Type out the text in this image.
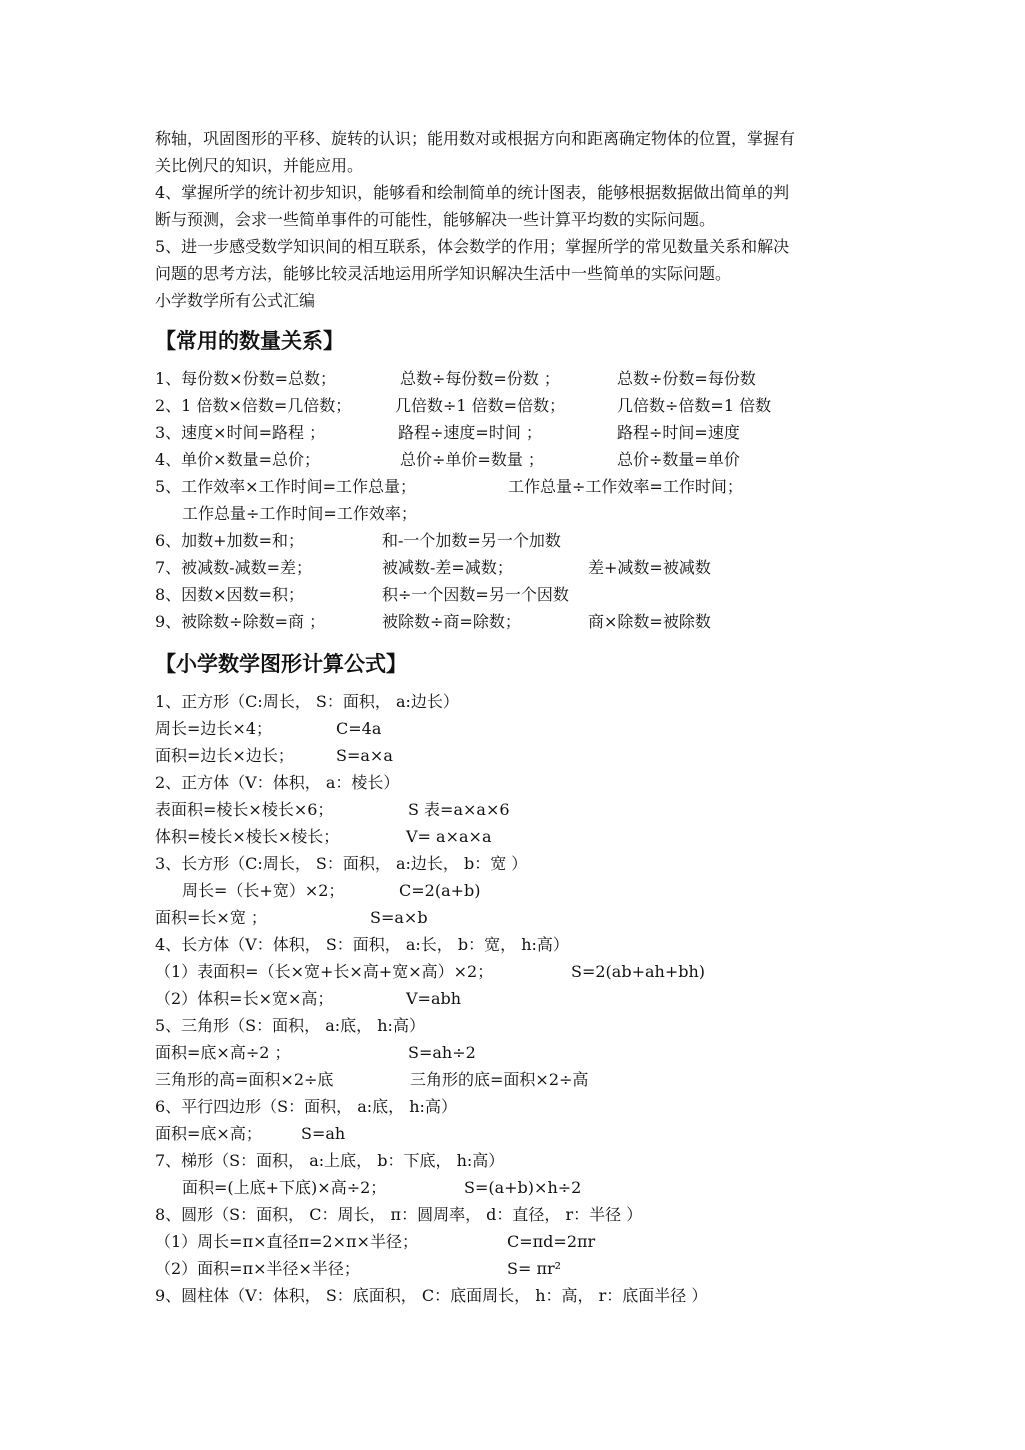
称轴，巩固图形的平移、旋转的认识；能用数对或根据方向和距离确定物体的位置，掌握有
关比例尺的知识，并能应用。
4、掌握所学的统计初步知识，能够看和绘制简单的统计图表，能够根据数据做出简单的判
断与预测，会求一些简单事件的可能性，能够解决一些计算平均数的实际问题。
5、进一步感受数学知识间的相互联系，体会数学的作用；掌握所学的常见数量关系和解决
问题的思考方法，能够比较灵活地运用所学知识解决生活中一些简单的实际问题。
小学数学所有公式汇编
【常用的数量关系】
1、每份数×份数=总数；	总数÷每份数=份数 ；	总数÷份数=每份数
2、1 倍数×倍数=几倍数；	几倍数÷1 倍数=倍数；	几倍数÷倍数=1 倍数
3、速度×时间=路程 ；	路程÷速度=时间 ；	路程÷时间=速度
4、单价×数量=总价；	总价÷单价=数量 ；	总价÷数量=单价
5、工作效率×工作时间=工作总量；	工作总量÷工作效率=工作时间；
工作总量÷工作时间=工作效率；
6、加数+加数=和；	和-一个加数=另一个加数
7、被减数-减数=差；	被减数-差=减数；	差+减数=被减数
8、因数×因数=积；	积÷一个因数=另一个因数
9、被除数÷除数=商 ；	被除数÷商=除数；	商×除数=被除数
【小学数学图形计算公式】
1、正方形（C:周长， S：面积， a:边长）
周长=边长×4；	C=4a
面积=边长×边长；	S=a×a
2、正方体（V：体积， a：棱长）
表面积=棱长×棱长×6；	S 表=a×a×6
体积=棱长×棱长×棱长；	V= a×a×a
3、长方形（C:周长， S：面积， a:边长， b：宽 ）
周长=（长+宽）×2；	C=2(a+b)
面积=长×宽 ；	S=a×b
4、长方体（V：体积， S：面积， a:长， b：宽， h:高）
（1）表面积=（长×宽+长×高+宽×高）×2；	S=2(ab+ah+bh)
（2）体积=长×宽×高；	V=abh
5、三角形（S：面积， a:底， h:高）
面积=底×高÷2 ；	S=ah÷2
三角形的高=面积×2÷底	三角形的底=面积×2÷高
6、平行四边形（S：面积， a:底， h:高）
面积=底×高； S=ah
7、梯形（S：面积， a:上底， b：下底， h:高）
面积=(上底+下底)×高÷2；	S=(a+b)×h÷2
8、圆形（S：面积， C：周长， π：圆周率， d：直径， r：半径 ）
（1）周长=π×直径π=2×π×半径；	C=πd=2πr
（2）面积=π×半径×半径；	S= πr²
9、圆柱体（V：体积， S：底面积， C：底面周长， h：高， r：底面半径 ）
